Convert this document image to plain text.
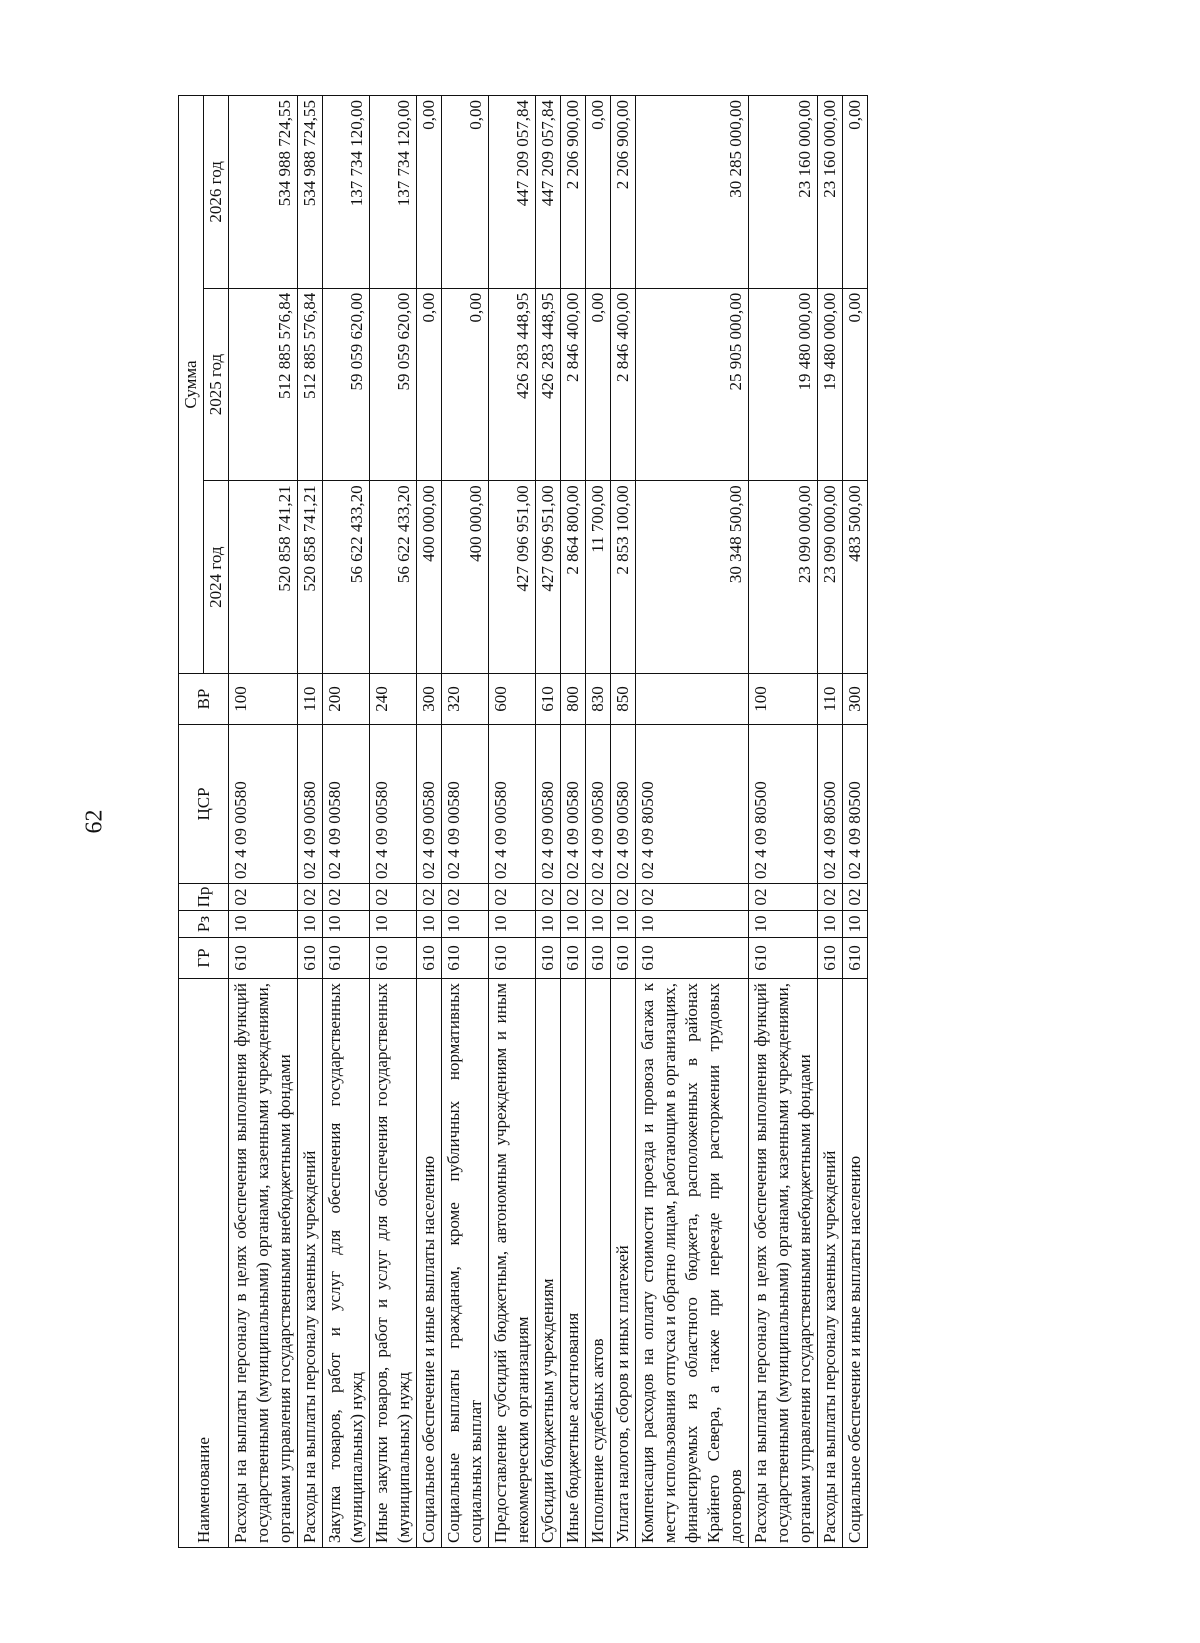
62
Наименование	ГР	Рз	Пр	ЦСР	ВР	Сумма		
						2024 год	2025 год	2026 год
Расходы на выплаты персоналу в целях обеспечения выполнения функций государственными (муниципальными) органами, казенными учреждениями, органами управления государственными внебюджетными фондами	610	10	02	02 4 09 00580	100	520 858 741,21	512 885 576,84	534 988 724,55
Расходы на выплаты персоналу казенных учреждений	610	10	02	02 4 09 00580	110	520 858 741,21	512 885 576,84	534 988 724,55
Закупка товаров, работ и услуг для обеспечения государственных (муниципальных) нужд	610	10	02	02 4 09 00580	200	56 622 433,20	59 059 620,00	137 734 120,00
Иные закупки товаров, работ и услуг для обеспечения государственных (муниципальных) нужд	610	10	02	02 4 09 00580	240	56 622 433,20	59 059 620,00	137 734 120,00
Социальное обеспечение и иные выплаты населению	610	10	02	02 4 09 00580	300	400 000,00	0,00	0,00
Социальные выплаты гражданам, кроме публичных нормативных социальных выплат	610	10	02	02 4 09 00580	320	400 000,00	0,00	0,00
Предоставление субсидий бюджетным, автономным учреждениям и иным некоммерческим организациям	610	10	02	02 4 09 00580	600	427 096 951,00	426 283 448,95	447 209 057,84
Субсидии бюджетным учреждениям	610	10	02	02 4 09 00580	610	427 096 951,00	426 283 448,95	447 209 057,84
Иные бюджетные ассигнования	610	10	02	02 4 09 00580	800	2 864 800,00	2 846 400,00	2 206 900,00
Исполнение судебных актов	610	10	02	02 4 09 00580	830	11 700,00	0,00	0,00
Уплата налогов, сборов и иных платежей	610	10	02	02 4 09 00580	850	2 853 100,00	2 846 400,00	2 206 900,00
Компенсация расходов на оплату стоимости проезда и провоза багажа к месту использования отпуска и обратно лицам, работающим в организациях, финансируемых из областного бюджета, расположенных в районах Крайнего Севера, а также при переезде при расторжении трудовых договоров	610	10	02	02 4 09 80500		30 348 500,00	25 905 000,00	30 285 000,00
Расходы на выплаты персоналу в целях обеспечения выполнения функций государственными (муниципальными) органами, казенными учреждениями, органами управления государственными внебюджетными фондами	610	10	02	02 4 09 80500	100	23 090 000,00	19 480 000,00	23 160 000,00
Расходы на выплаты персоналу казенных учреждений	610	10	02	02 4 09 80500	110	23 090 000,00	19 480 000,00	23 160 000,00
Социальное обеспечение и иные выплаты населению	610	10	02	02 4 09 80500	300	483 500,00	0,00	0,00
